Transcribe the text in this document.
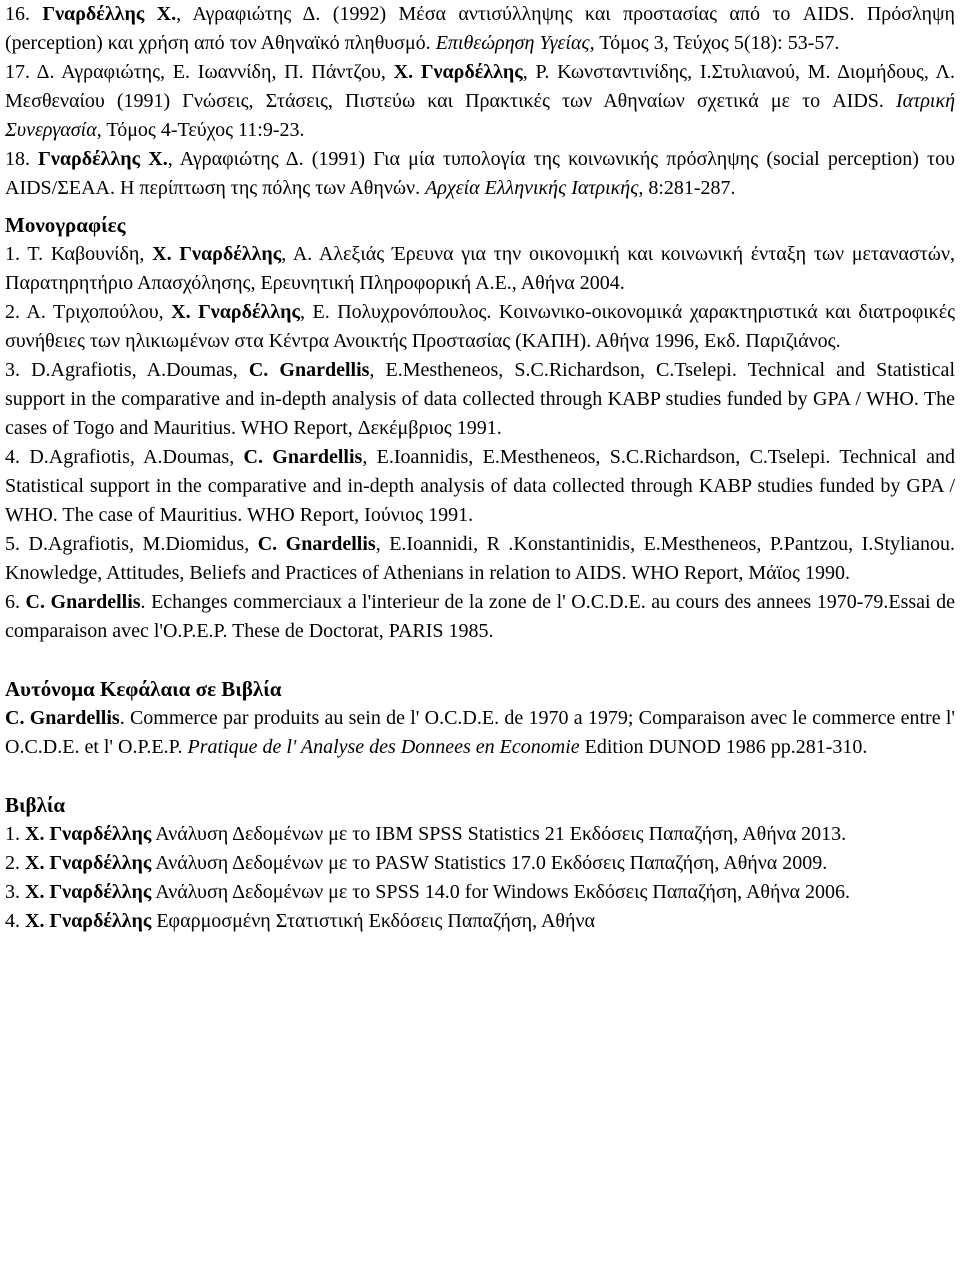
16. Γναρδέλλης Χ., Αγραφιώτης Δ. (1992) Μέσα αντισύλληψης και προστασίας από το AIDS. Πρόσληψη (perception) και χρήση από τον Αθηναϊκό πληθυσμό. Επιθεώρηση Υγείας, Τόμος 3, Τεύχος 5(18): 53-57.

17. Δ. Αγραφιώτης, Ε. Ιωαννίδη, Π. Πάντζου, Χ. Γναρδέλλης, Ρ. Κωνσταντινίδης, Ι.Στυλιανού, Μ. Διομήδους, Λ. Μεσθεναίου (1991) Γνώσεις, Στάσεις, Πιστεύω και Πρακτικές των Αθηναίων σχετικά με το AIDS. Ιατρική Συνεργασία, Τόμος 4-Τεύχος 11:9-23.

18. Γναρδέλλης Χ., Αγραφιώτης Δ. (1991) Για μία τυπολογία της κοινωνικής πρόσληψης (social perception) του AIDS/ΣΕΑΑ. Η περίπτωση της πόλης των Αθηνών. Αρχεία Ελληνικής Ιατρικής, 8:281-287.

Μονογραφίες

1. Τ. Καβουνίδη, Χ. Γναρδέλλης, Α. Αλεξιάς Έρευνα για την οικονομική και κοινωνική ένταξη των μεταναστών, Παρατηρητήριο Απασχόλησης, Ερευνητική Πληροφορική Α.Ε., Αθήνα 2004.

2. Α. Τριχοπούλου, Χ. Γναρδέλλης, Ε. Πολυχρονόπουλος. Κοινωνικο-οικονομικά χαρακτηριστικά και διατροφικές συνήθειες των ηλικιωμένων στα Κέντρα Ανοικτής Προστασίας (ΚΑΠΗ). Αθήνα 1996, Εκδ. Παριζιάνος.

3. D.Agrafiotis, A.Doumas, C. Gnardellis, E.Mestheneos, S.C.Richardson, C.Tselepi. Technical and Statistical support in the comparative and in-depth analysis of data collected through KABP studies funded by GPA / WHO. The cases of Togo and Mauritius. WHO Report, Δεκέμβριος 1991.

4. D.Agrafiotis, A.Doumas, C. Gnardellis, E.Ioannidis, E.Mestheneos, S.C.Richardson, C.Tselepi. Technical and Statistical support in the comparative and in-depth analysis of data collected through KABP studies funded by GPA / WHO. The case of Mauritius. WHO Report, Ιούνιος 1991.

5. D.Agrafiotis, M.Diomidus, C. Gnardellis, E.Ioannidi, R .Konstantinidis, E.Mestheneos, P.Pantzou, I.Stylianou. Knowledge, Attitudes, Beliefs and Practices of Athenians in relation to AIDS. WHO Report, Μάϊος 1990.

6. C. Gnardellis. Echanges commerciaux a l'interieur de la zone de l' O.C.D.E. au cours des annees 1970-79.Essai de comparaison avec l'O.P.E.P. These de Doctorat, PARIS 1985.

Αυτόνομα Κεφάλαια σε Βιβλία

C. Gnardellis. Commerce par produits au sein de l' O.C.D.E. de 1970 a 1979; Comparaison avec le commerce entre l' O.C.D.E. et l' O.P.E.P. Pratique de l' Analyse des Donnees en Economie Edition DUNOD 1986 pp.281-310.

Βιβλία

1. Χ. Γναρδέλλης Ανάλυση Δεδομένων με το IBM SPSS Statistics 21 Εκδόσεις Παπαζήση, Αθήνα 2013.

2. Χ. Γναρδέλλης Ανάλυση Δεδομένων με το PASW Statistics 17.0 Εκδόσεις Παπαζήση, Αθήνα 2009.

3. Χ. Γναρδέλλης Ανάλυση Δεδομένων με το SPSS 14.0 for Windows Εκδόσεις Παπαζήση, Αθήνα 2006.

4. Χ. Γναρδέλλης Εφαρμοσμένη Στατιστική Εκδόσεις Παπαζήση, Αθήνα
